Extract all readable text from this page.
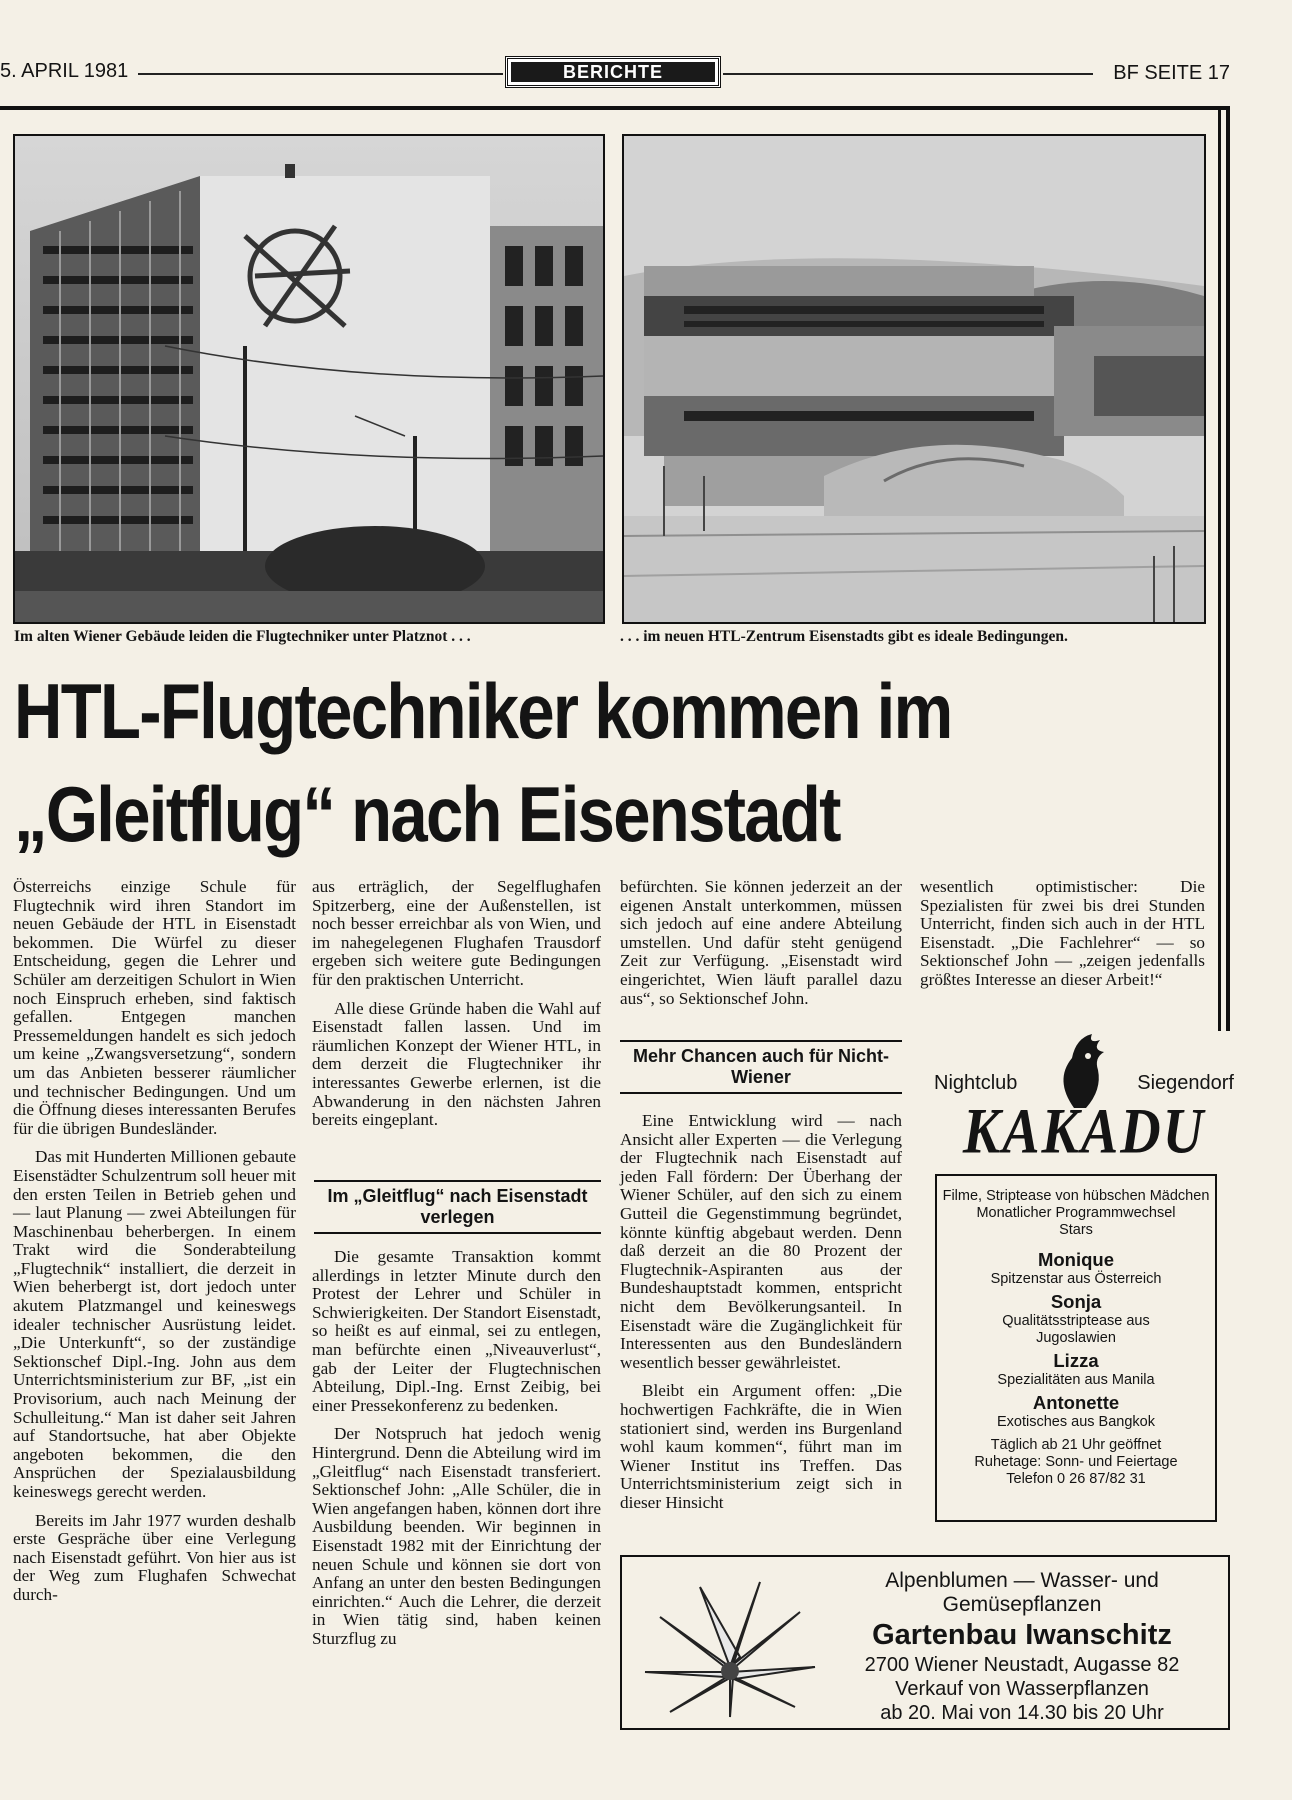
5. APRIL 1981	BERICHTE	BF SEITE 17
Im alten Wiener Gebäude leiden die Flugtechniker unter Platznot . . .	. . . im neuen HTL-Zentrum Eisenstadts gibt es ideale Bedingungen.
HTL-Flugtechniker kommen im
„Gleitflug“ nach Eisenstadt

Österreichs einzige Schule für Flugtechnik wird ihren Standort im neuen Gebäude der HTL in Eisenstadt bekommen. Die Würfel zu dieser Entscheidung, gegen die Lehrer und Schüler am derzeitigen Schulort in Wien noch Einspruch erheben, sind faktisch gefallen. Entgegen manchen Pressemeldungen handelt es sich jedoch um keine „Zwangsversetzung“, sondern um das Anbieten besserer räumlicher und technischer Bedingungen. Und um die Öffnung dieses interessanten Berufes für die übrigen Bundesländer.

Das mit Hunderten Millionen gebaute Eisenstädter Schulzentrum soll heuer mit den ersten Teilen in Betrieb gehen und — laut Planung — zwei Abteilungen für Maschinenbau beherbergen. In einem Trakt wird die Sonderabteilung „Flugtechnik“ installiert, die derzeit in Wien beherbergt ist, dort jedoch unter akutem Platzmangel und keineswegs idealer technischer Ausrüstung leidet. „Die Unterkunft“, so der zuständige Sektionschef Dipl.-Ing. John aus dem Unterrichtsministerium zur BF, „ist ein Provisorium, auch nach Meinung der Schulleitung.“ Man ist daher seit Jahren auf Standortsuche, hat aber Objekte angeboten bekommen, die den Ansprüchen der Spezialausbildung keineswegs gerecht werden.

Bereits im Jahr 1977 wurden deshalb erste Gespräche über eine Verlegung nach Eisenstadt geführt. Von hier aus ist der Weg zum Flughafen Schwechat durch-

aus erträglich, der Segelflughafen Spitzerberg, eine der Außenstellen, ist noch besser erreichbar als von Wien, und im nahegelegenen Flughafen Trausdorf ergeben sich weitere gute Bedingungen für den praktischen Unterricht.

Alle diese Gründe haben die Wahl auf Eisenstadt fallen lassen. Und im räumlichen Konzept der Wiener HTL, in dem derzeit die Flugtechniker ihr interessantes Gewerbe erlernen, ist die Abwanderung in den nächsten Jahren bereits eingeplant.

Im „Gleitflug“ nach Eisenstadt verlegen

Die gesamte Transaktion kommt allerdings in letzter Minute durch den Protest der Lehrer und Schüler in Schwierigkeiten. Der Standort Eisenstadt, so heißt es auf einmal, sei zu entlegen, man befürchte einen „Niveauverlust“, gab der Leiter der Flugtechnischen Abteilung, Dipl.-Ing. Ernst Zeibig, bei einer Pressekonferenz zu bedenken.

Der Notspruch hat jedoch wenig Hintergrund. Denn die Abteilung wird im „Gleitflug“ nach Eisenstadt transferiert. Sektionschef John: „Alle Schüler, die in Wien angefangen haben, können dort ihre Ausbildung beenden. Wir beginnen in Eisenstadt 1982 mit der Einrichtung der neuen Schule und können sie dort von Anfang an unter den besten Bedingungen einrichten.“ Auch die Lehrer, die derzeit in Wien tätig sind, haben keinen Sturzflug zu

befürchten. Sie können jederzeit an der eigenen Anstalt unterkommen, müssen sich jedoch auf eine andere Abteilung umstellen. Und dafür steht genügend Zeit zur Verfügung. „Eisenstadt wird eingerichtet, Wien läuft parallel dazu aus“, so Sektionschef John.

Mehr Chancen auch für Nicht-Wiener

Eine Entwicklung wird — nach Ansicht aller Experten — die Verlegung der Flugtechnik nach Eisenstadt auf jeden Fall fördern: Der Überhang der Wiener Schüler, auf den sich zu einem Gutteil die Gegenstimmung begründet, könnte künftig abgebaut werden. Denn daß derzeit an die 80 Prozent der Flugtechnik-Aspiranten aus der Bundeshauptstadt kommen, entspricht nicht dem Bevölkerungsanteil. In Eisenstadt wäre die Zugänglichkeit für Interessenten aus den Bundesländern wesentlich besser gewährleistet.

Bleibt ein Argument offen: „Die hochwertigen Fachkräfte, die in Wien stationiert sind, werden ins Burgenland wohl kaum kommen“, führt man im Wiener Institut ins Treffen. Das Unterrichtsministerium zeigt sich in dieser Hinsicht

wesentlich optimistischer: Die Spezialisten für zwei bis drei Stunden Unterricht, finden sich auch in der HTL Eisenstadt. „Die Fachlehrer“ — so Sektionschef John — „zeigen jedenfalls größtes Interesse an dieser Arbeit!“

Nightclub	Siegendorf
KAKADU
Filme, Striptease von hübschen Mädchen
Monatlicher Programmwechsel
Stars
Monique
Spitzenstar aus Österreich
Sonja
Qualitätsstriptease aus Jugoslawien
Lizza
Spezialitäten aus Manila
Antonette
Exotisches aus Bangkok
Täglich ab 21 Uhr geöffnet
Ruhetage: Sonn- und Feiertage
Telefon 0 26 87/82 31
Alpenblumen — Wasser- und
Gemüsepflanzen
Gartenbau Iwanschitz
2700 Wiener Neustadt, Augasse 82
Verkauf von Wasserpflanzen
ab 20. Mai von 14.30 bis 20 Uhr
